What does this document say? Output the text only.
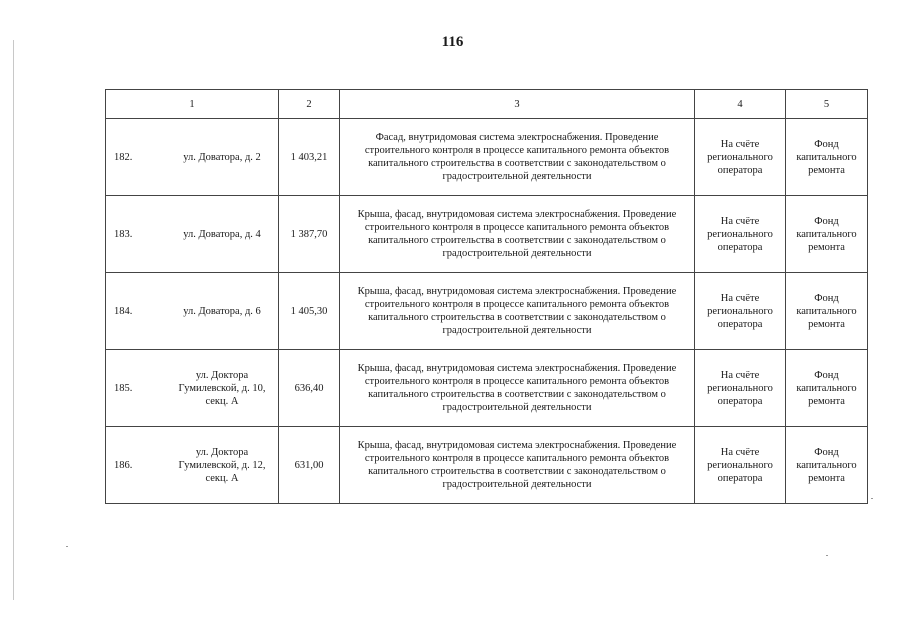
116
1		2	3	4	5
182.	ул. Доватора, д. 2	1 403,21	Фасад, внутридомовая система электроснабжения. Проведение строительного контроля в процессе капитального ремонта объектов капитального строительства в соответствии с законодательством о градостроительной деятельности	На счёте регионального оператора	Фонд капитального ремонта
183.	ул. Доватора, д. 4	1 387,70	Крыша, фасад, внутридомовая система электроснабжения. Проведение строительного контроля в процессе капитального ремонта объектов капитального строительства в соответствии с законодательством о градостроительной деятельности	На счёте регионального оператора	Фонд капитального ремонта
184.	ул. Доватора, д. 6	1 405,30	Крыша, фасад, внутридомовая система электроснабжения. Проведение строительного контроля в процессе капитального ремонта объектов капитального строительства в соответствии с законодательством о градостроительной деятельности	На счёте регионального оператора	Фонд капитального ремонта
185.	ул. Доктора Гумилевской, д. 10, секц. А	636,40	Крыша, фасад, внутридомовая система электроснабжения. Проведение строительного контроля в процессе капитального ремонта объектов капитального строительства в соответствии с законодательством о градостроительной деятельности	На счёте регионального оператора	Фонд капитального ремонта
186.	ул. Доктора Гумилевской, д. 12, секц. А	631,00	Крыша, фасад, внутридомовая система электроснабжения. Проведение строительного контроля в процессе капитального ремонта объектов капитального строительства в соответствии с законодательством о градостроительной деятельности	На счёте регионального оператора	Фонд капитального ремонта
